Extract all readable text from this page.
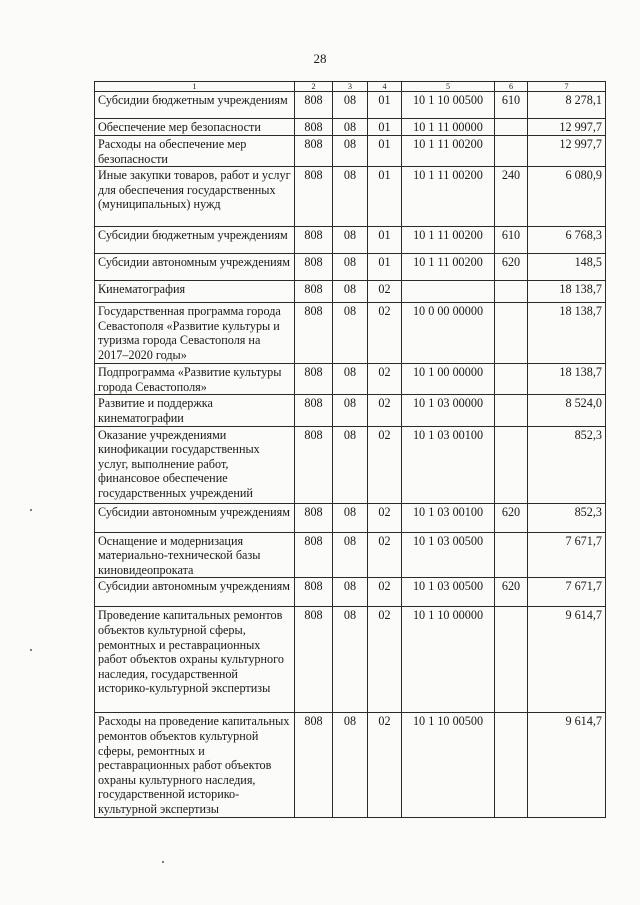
28
1	2	3	4	5	6	7
Субсидии бюджетным учреждениям	808	08	01	10 1 10 00500	610	8 278,1
Обеспечение мер безопасности	808	08	01	10 1 11 00000		12 997,7
Расходы на обеспечение мер безопасности	808	08	01	10 1 11 00200		12 997,7
Иные закупки товаров, работ и услуг для обеспечения государственных (муниципальных) нужд	808	08	01	10 1 11 00200	240	6 080,9
Субсидии бюджетным учреждениям	808	08	01	10 1 11 00200	610	6 768,3
Субсидии автономным учреждениям	808	08	01	10 1 11 00200	620	148,5
Кинематография	808	08	02			18 138,7
Государственная программа города Севастополя «Развитие культуры и туризма города Севастополя на 2017–2020 годы»	808	08	02	10 0 00 00000		18 138,7
Подпрограмма «Развитие культуры города Севастополя»	808	08	02	10 1 00 00000		18 138,7
Развитие и поддержка кинематографии	808	08	02	10 1 03 00000		8 524,0
Оказание учреждениями кинофикации государственных услуг, выполнение работ, финансовое обеспечение государственных учреждений	808	08	02	10 1 03 00100		852,3
Субсидии автономным учреждениям	808	08	02	10 1 03 00100	620	852,3
Оснащение и модернизация материально-технической базы киновидеопроката	808	08	02	10 1 03 00500		7 671,7
Субсидии автономным учреждениям	808	08	02	10 1 03 00500	620	7 671,7
Проведение капитальных ремонтов объектов культурной сферы, ремонтных и реставрационных работ объектов охраны культурного наследия, государственной историко-культурной экспертизы	808	08	02	10 1 10 00000		9 614,7
Расходы на проведение капитальных ремонтов объектов культурной сферы, ремонтных и реставрационных работ объектов охраны культурного наследия, государственной историко-культурной экспертизы	808	08	02	10 1 10 00500		9 614,7
